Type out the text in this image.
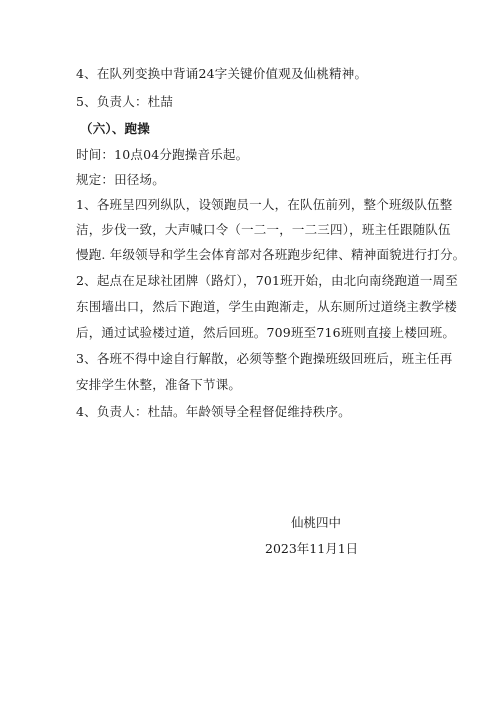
4、在队列变换中背诵24字关键价值观及仙桃精神。
5、负责人：杜喆
（六）、跑操
时间：10点04分跑操音乐起。
规定：田径场。
1、各班呈四列纵队，设领跑员一人，在队伍前列，整个班级队伍整
洁，步伐一致，大声喊口令（一二一，一二三四），班主任跟随队伍
慢跑. 年级领导和学生会体育部对各班跑步纪律、精神面貌进行打分。
2、起点在足球社团牌（路灯），701班开始，由北向南绕跑道一周至
东围墙出口，然后下跑道，学生由跑渐走，从东厕所过道绕主教学楼
后，通过试验楼过道，然后回班。709班至716班则直接上楼回班。
3、各班不得中途自行解散，必须等整个跑操班级回班后，班主任再
安排学生休整，准备下节课。
4、负责人：杜喆。年龄领导全程督促维持秩序。
仙桃四中
2023年11月1日
